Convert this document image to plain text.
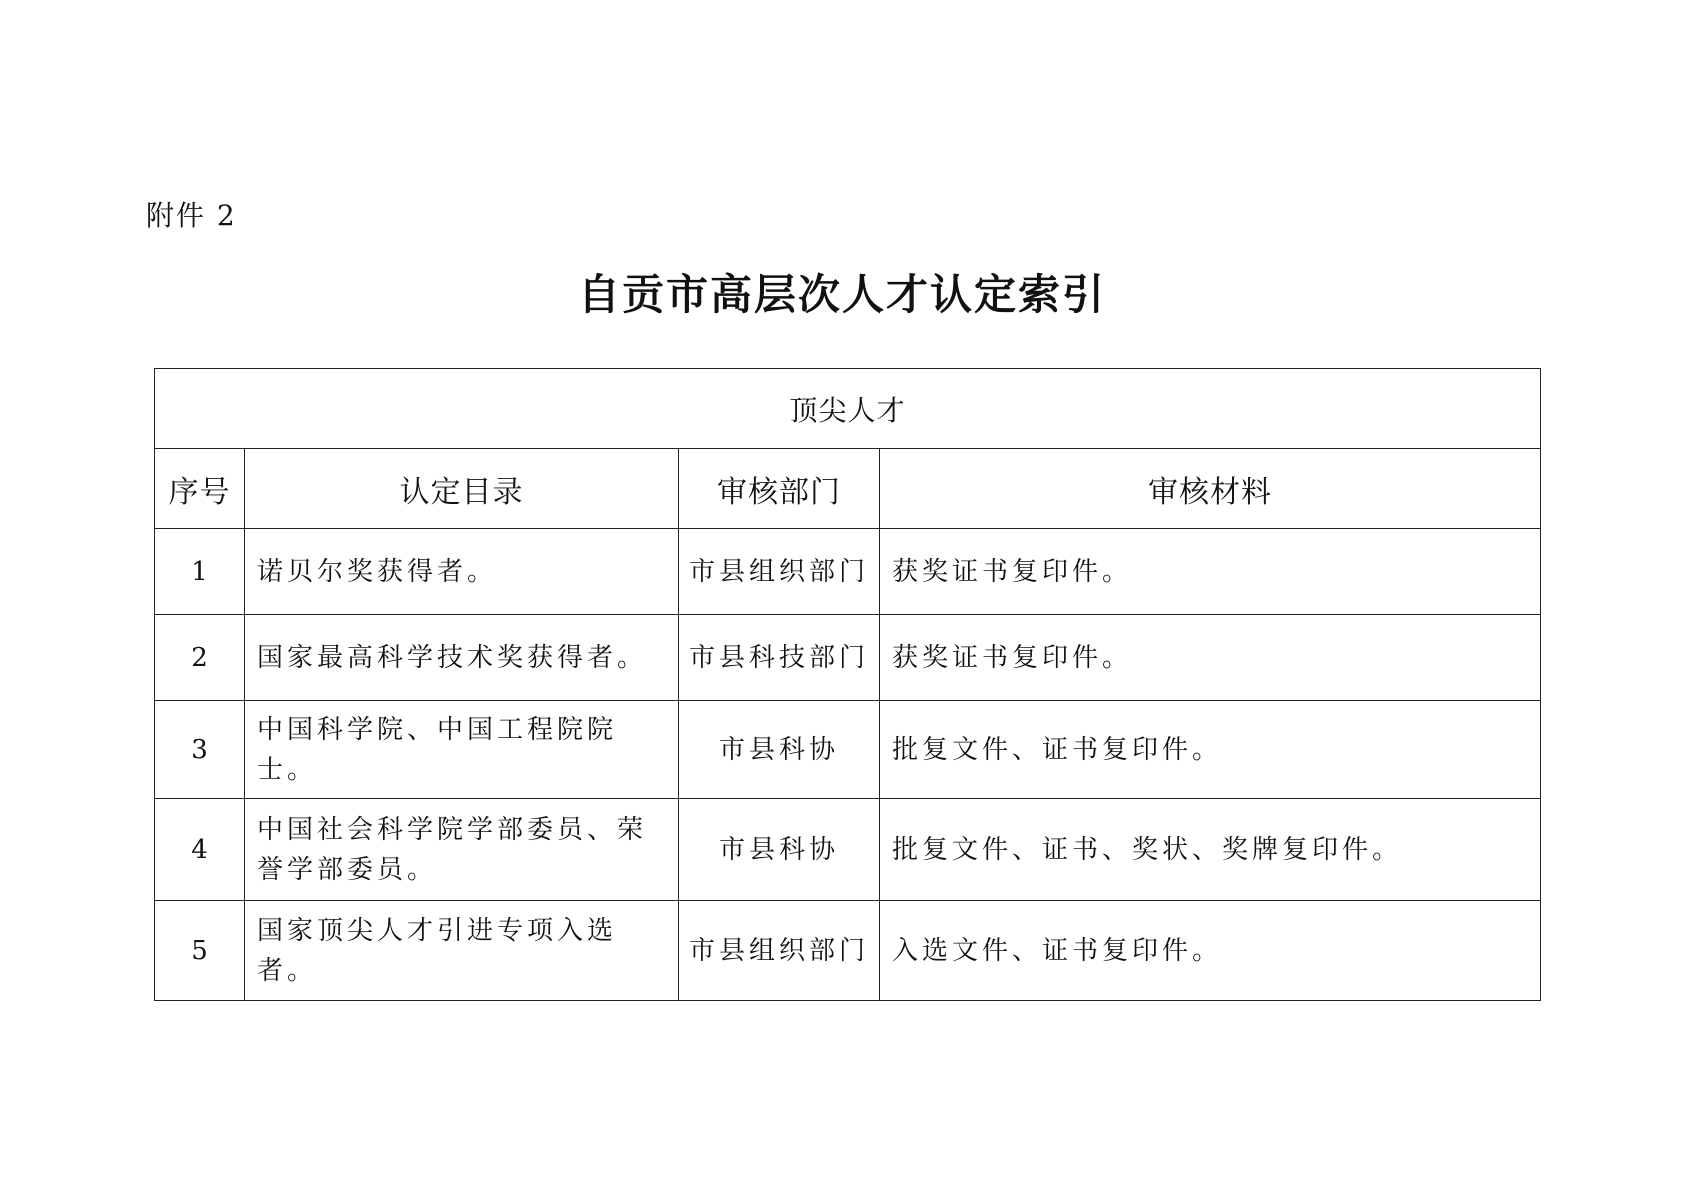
附件 2
自贡市高层次人才认定索引
顶尖人才			
序号	认定目录	审核部门	审核材料
1	诺贝尔奖获得者。	市县组织部门	获奖证书复印件。
2	国家最高科学技术奖获得者。	市县科技部门	获奖证书复印件。
3	中国科学院、中国工程院院士。	市县科协	批复文件、证书复印件。
4	中国社会科学院学部委员、荣誉学部委员。	市县科协	批复文件、证书、奖状、奖牌复印件。
5	国家顶尖人才引进专项入选者。	市县组织部门	入选文件、证书复印件。
